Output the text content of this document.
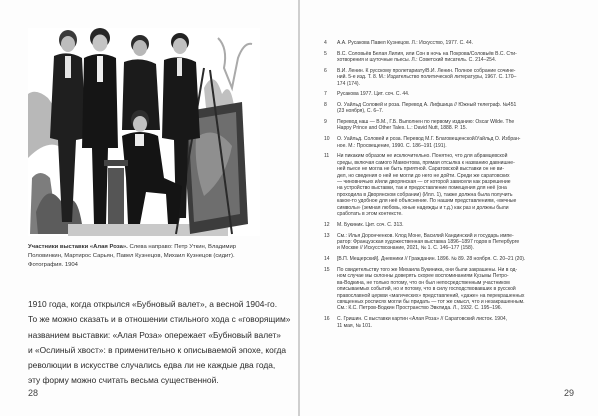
Участники выставки «Алая Роза». Слева направо: Петр Уткин, Владимир
Половинкин, Мартирос Сарьян, Павел Кузнецов, Михаил Кузнецов (сидит).
Фотография. 1904
1910 года, когда открылся «Бубновый валет», а весной 1904-го.
То же можно сказать и в отношении стильного хода с «говорящим»
названием выставки: «Алая Роза» опережает «Бубновый валет»
и «Ослиный хвост»: в применительно к описываемой эпохе, когда
революции в искусстве случались едва ли не каждые два года,
эту форму можно считать весьма существенной.
28
4 А.А. Русакова Павел Кузнецов. Л.: Искусство, 1977. С. 44.
5 В.С. Соловьёв Белая Лилия, или Сон в ночь на Покрова/Соловьёв В.С. Сти-
хотворения и шуточные пьесы. Л.: Советский писатель. С. 214–254.
6 В.И. Ленин. К русскому пролетариату/В.И. Ленин. Полное собрание сочине-
ний. 5-е изд. Т. 8. М.: Издательство политической литературы, 1967. С. 170–
174 (174).
7 Русакова 1977. Цит. соч. С. 44.
8 О. Уайльд Соловей и роза. Перевод А. Лифшица // Южный телеграф. №451
(23 ноября), С. 6–7.
9 Перевод наш — В.М., Г.Б. Выполнен по первому изданию: Oscar Wilde. The
Happy Prince and Other Tales. L.: David Nutt, 1888. P. 15.
10 О. Уайльд. Соловей и роза. Перевод М.Г. Благовещенской/Уайльд О. Избран-
ное. М.: Просвещение, 1990. С. 186–191 (191).
11 Ни пикаким образом не исключительно. Понятно, что для абрамцевской
среды, включая самого Мамонтова, прямая отсылка к названию давнишне-
ней пьесе не могла не быть приятной. Саратовской выставки он не ви-
дел, но сведения о ней не могли до него не дойти. Среди же саратовских
— чиновничьих и/или дворянская — от которой зависели как разрешение
на устройство выставки, так и предоставление помещения для неё (она
проходила в Дворянском собрании) (Илл. 1), также должна была получить
какое-то удобное для неё объяснение. По нашим представлениям, «вечные
символы» (земная любовь, юные надежды и т.д.) как раз и должны были
сработать в этом контексте.
12 М. Букиник. Цит. соч. С. 313.
13 См.: Илья Доронченков. Клод Моне, Василий Кандинский и государь импе-
ратор: Французская художественная выставка 1896–1897 годов в Петербурге
и Москве // Искусствознание, 2021, № 1. С. 146–177 (158).
14 [В.П. Мещерский]. Дневники // Гражданин. 1896. № 89. 28 ноября. С. 20–21 (20).
15 По свидетельству того же Михаила Букиника, они были закрашены. Ни в од-
ном случае мы склонны доверять скорее воспоминаниям Кузьмы Петро-
ва-Водкина, не только потому, что он был непосредственным участником
описываемых событий, но и потому, что в силу господствовавших в русской
православной церкви «магических» представлений, «даже» на перекрашенных
священных росписях могли бы придать — тот же смысл, что и незакрашенным.
См.: К.С. Петров-Водкин Пространство Эвклида. Л., 1932. С. 195–196.
16 С. Гришин. С выставки картин «Алая Роза» // Саратовский листок. 1904,
11 мая, № 101.
29
